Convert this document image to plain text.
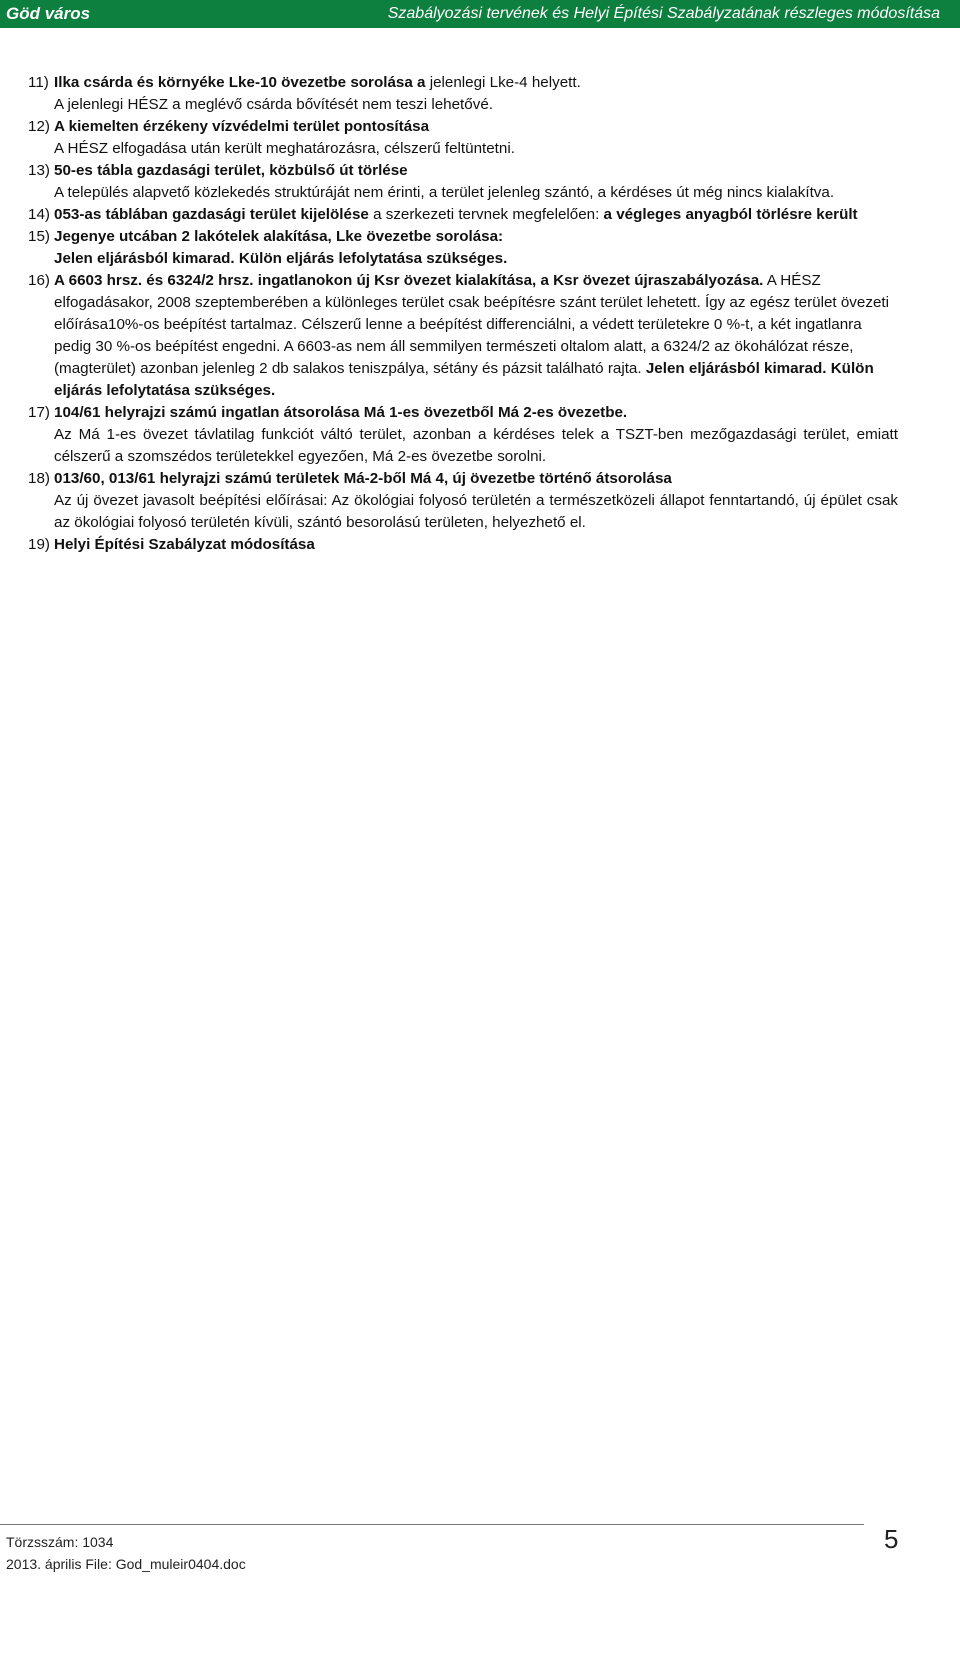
Göd város	Szabályozási tervének és Helyi Építési Szabályzatának részleges módosítása
11) Ilka csárda és környéke Lke-10 övezetbe sorolása a jelenlegi Lke-4 helyett.

A jelenlegi HÉSZ a meglévő csárda bővítését nem teszi lehetővé.

12) A kiemelten érzékeny vízvédelmi terület pontosítása

A HÉSZ elfogadása után került meghatározásra, célszerű feltüntetni.

13) 50-es tábla gazdasági terület, közbülső út törlése

A település alapvető közlekedés struktúráját nem érinti, a terület jelenleg szántó, a kérdéses út még nincs kialakítva.

14) 053-as táblában gazdasági terület kijelölése a szerkezeti tervnek megfelelően: a végleges anyagból törlésre került
15) Jegenye utcában 2 lakótelek alakítása, Lke övezetbe sorolása:

Jelen eljárásból kimarad. Külön eljárás lefolytatása szükséges.

16) A 6603 hrsz. és 6324/2 hrsz. ingatlanokon új Ksr övezet kialakítása, a Ksr övezet újraszabályozása. A HÉSZ elfogadásakor, 2008 szeptemberében a különleges terület csak beépítésre szánt terület lehetett. Így az egész terület övezeti előírása10%-os beépítést tartalmaz. Célszerű lenne a beépítést differenciálni, a védett területekre 0 %-t, a két ingatlanra pedig 30 %-os beépítést engedni. A 6603-as nem áll semmilyen természeti oltalom alatt, a 6324/2 az ökohálózat része, (magterület) azonban jelenleg 2 db salakos teniszpálya, sétány és pázsit található rajta. Jelen eljárásból kimarad. Külön eljárás lefolytatása szükséges.
17) 104/61 helyrajzi számú ingatlan átsorolása Má 1-es övezetből Má 2-es övezetbe.

Az Má 1-es övezet távlatilag funkciót váltó terület, azonban a kérdéses telek a TSZT-ben mezőgazdasági terület, emiatt célszerű a szomszédos területekkel egyezően, Má 2-es övezetbe sorolni.

18) 013/60, 013/61 helyrajzi számú területek Má-2-ből Má 4, új övezetbe történő átsorolása

Az új övezet javasolt beépítési előírásai: Az ökológiai folyosó területén a természetközeli állapot fenntartandó, új épület csak az ökológiai folyosó területén kívüli, szántó besorolású területen, helyezhető el.

19) Helyi Építési Szabályzat módosítása
Törzsszám: 1034
2013. április File: God_muleir0404.doc
5
